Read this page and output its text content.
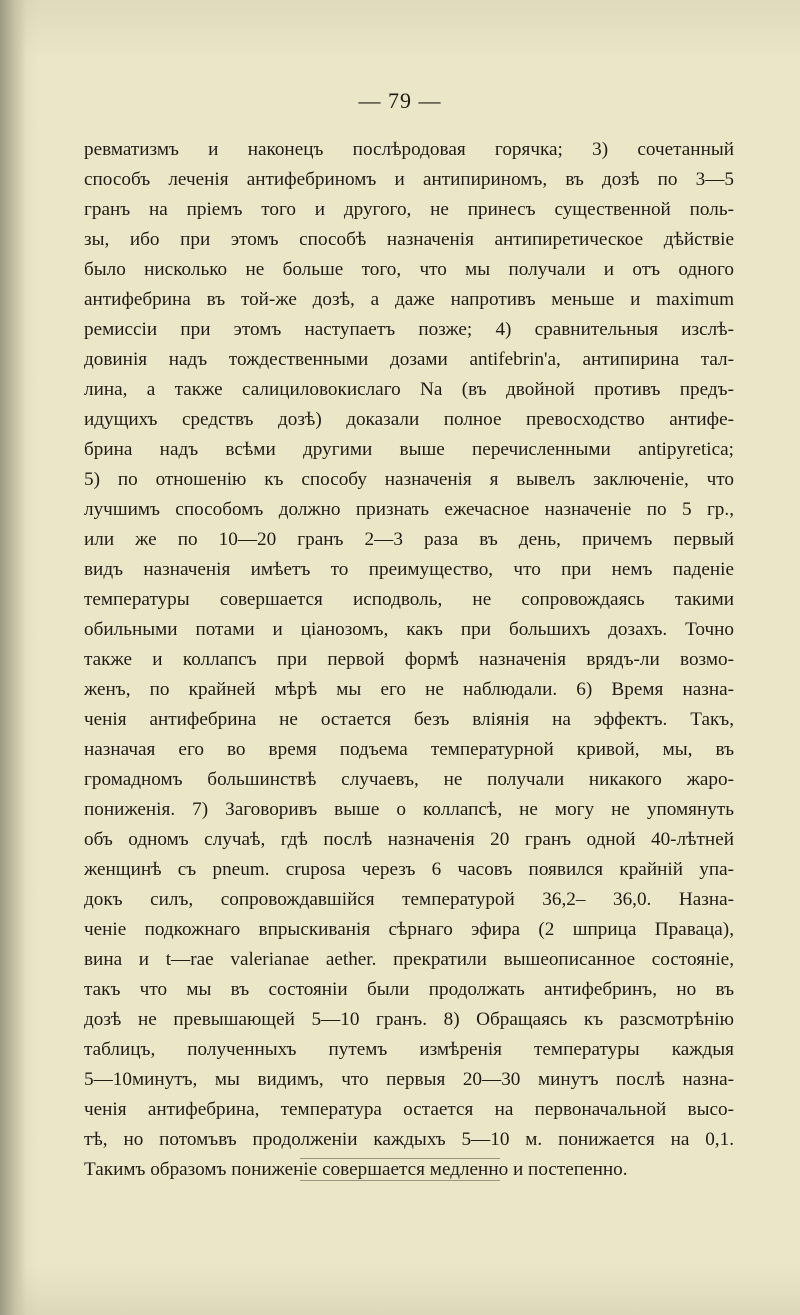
— 79 —
ревматизмъ и наконецъ послѣродовая горячка; 3) сочетанный
способъ леченія антифебриномъ и антипириномъ, въ дозѣ по 3—5
гранъ на пріемъ того и другого, не принесъ существенной поль-
зы, ибо при этомъ способѣ назначенія антипиретическое дѣйствіе
было нисколько не больше того, что мы получали и отъ одного
антифебрина въ той-же дозѣ, а даже напротивъ меньше и maximum
ремиссіи при этомъ наступаетъ позже; 4) сравнительныя изслѣ-
довинія надъ тождественными дозами antifebrin'а, антипирина тал-
лина, а также салициловокислаго Na (въ двойной противъ предъ-
идущихъ средствъ дозѣ) доказали полное превосходство антифе-
брина надъ всѣми другими выше перечисленными antipyretica;
5) по отношенію къ способу назначенія я вывелъ заключеніе, что
лучшимъ способомъ должно признать ежечасное назначеніе по 5 гр.,
или же по 10—20 гранъ 2—3 раза въ день, причемъ первый
видъ назначенія имѣетъ то преимущество, что при немъ паденіе
температуры совершается исподволь, не сопровождаясь такими
обильными потами и ціанозомъ, какъ при большихъ дозахъ. Точно
также и коллапсъ при первой формѣ назначенія врядъ-ли возмо-
женъ, по крайней мѣрѣ мы его не наблюдали. 6) Время назна-
ченія антифебрина не остается безъ вліянія на эффектъ. Такъ,
назначая его во время подъема температурной кривой, мы, въ
громадномъ большинствѣ случаевъ, не получали никакого жаро-
пониженія. 7) Заговоривъ выше о коллапсѣ, не могу не упомянуть
объ одномъ случаѣ, гдѣ послѣ назначенія 20 гранъ одной 40-лѣтней
женщинѣ съ pneum. cruposa черезъ 6 часовъ появился крайній упа-
докъ силъ, сопровождавшійся температурой 36,2– 36,0. Назна-
ченіе подкожнаго впрыскиванія сѣрнаго эфира (2 шприца Праваца),
вина и t—rae valerianae aether. прекратили вышеописанное состояніе,
такъ что мы въ состояніи были продолжать антифебринъ, но въ
дозѣ не превышающей 5—10 гранъ. 8) Обращаясь къ разсмотрѣнію
таблицъ, полученныхъ путемъ измѣренія температуры каждыя
5—10минутъ, мы видимъ, что первыя 20—30 минутъ послѣ назна-
ченія антифебрина, температура остается на первоначальной высо-
тѣ, но потомъвъ продолженіи каждыхъ 5—10 м. понижается на 0,1.
Такимъ образомъ пониженіе совершается медленно и постепенно.
